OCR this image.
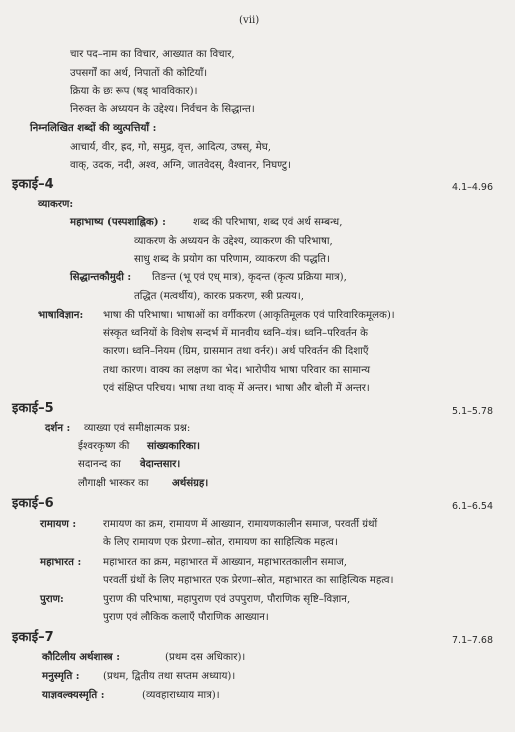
(vii)
चार पद–नाम का विचार, आख्यात का विचार,
उपसर्गों का अर्थ, निपातों की कोटियाँ।
क्रिया के छः रूप (षड् भावविकार)।
निरुक्त के अध्ययन के उद्देश्य। निर्वचन के सिद्धान्त।
निम्नलिखित शब्दों की व्युत्पत्तियाँ :
आचार्य, वीर, ह्रद, गो, समुद्र, वृत्त, आदित्य, उषस्, मेघ,
वाक्, उदक, नदी, अश्व, अग्नि, जातवेदस्, वैश्वानर, निघण्टु।
इकाई–4	4.1–4.96
व्याकरण:
महाभाष्य (पस्पशाह्निक) :	शब्द की परिभाषा, शब्द एवं अर्थ सम्बन्ध,
व्याकरण के अध्ययन के उद्देश्य, व्याकरण की परिभाषा,
साधु शब्द के प्रयोग का परिणाम, व्याकरण की पद्धति।
सिद्धान्तकौमुदी : तिङन्त (भू एवं एध् मात्र), कृदन्त (कृत्य प्रक्रिया मात्र),
तद्धित (मत्वर्थीय), कारक प्रकरण, स्त्री प्रत्यय।,
भाषाविज्ञान: भाषा की परिभाषा। भाषाओं का वर्गीकरण (आकृतिमूलक एवं पारिवारिकमूलक)।
संस्कृत ध्वनियों के विशेष सन्दर्भ में मानवीय ध्वनि–यंत्र। ध्वनि–परिवर्तन के
कारण। ध्वनि–नियम (ग्रिम, ग्रासमान तथा वर्नर)। अर्थ परिवर्तन की दिशाएँ
तथा कारण। वाक्य का लक्षण का भेद। भारोपीय भाषा परिवार का सामान्य
एवं संक्षिप्त परिचय। भाषा तथा वाक् में अन्तर। भाषा और बोली में अन्तर।
इकाई–5	5.1–5.78
दर्शन : व्याख्या एवं समीक्षात्मक प्रश्न:
ईश्वरकृष्ण की सांख्यकारिका।
सदानन्द का वेदान्तसार।
लौगाक्षी भास्कर का अर्थसंग्रह।
इकाई–6	6.1–6.54
रामायण :	रामायण का क्रम, रामायण में आख्यान, रामायणकालीन समाज, परवर्ती ग्रंथों
के लिए रामायण एक प्रेरणा–स्रोत, रामायण का साहित्यिक महत्व।
महाभारत : महाभारत का क्रम, महाभारत में आख्यान, महाभारतकालीन समाज,
परवर्ती ग्रंथों के लिए महाभारत एक प्रेरणा–स्रोत, महाभारत का साहित्यिक महत्व।
पुराण:	पुराण की परिभाषा, महापुराण एवं उपपुराण, पौराणिक सृष्टि–विज्ञान,
पुराण एवं लौकिक कलाएँ पौराणिक आख्यान।
इकाई–7	7.1–7.68
कौटिलीय अर्थशास्त्र :	(प्रथम दस अधिकार)।
मनुस्मृति : (प्रथम, द्वितीय तथा सप्तम अध्याय)।
याज्ञवल्क्यस्मृति :	(व्यवहाराध्याय मात्र)।
